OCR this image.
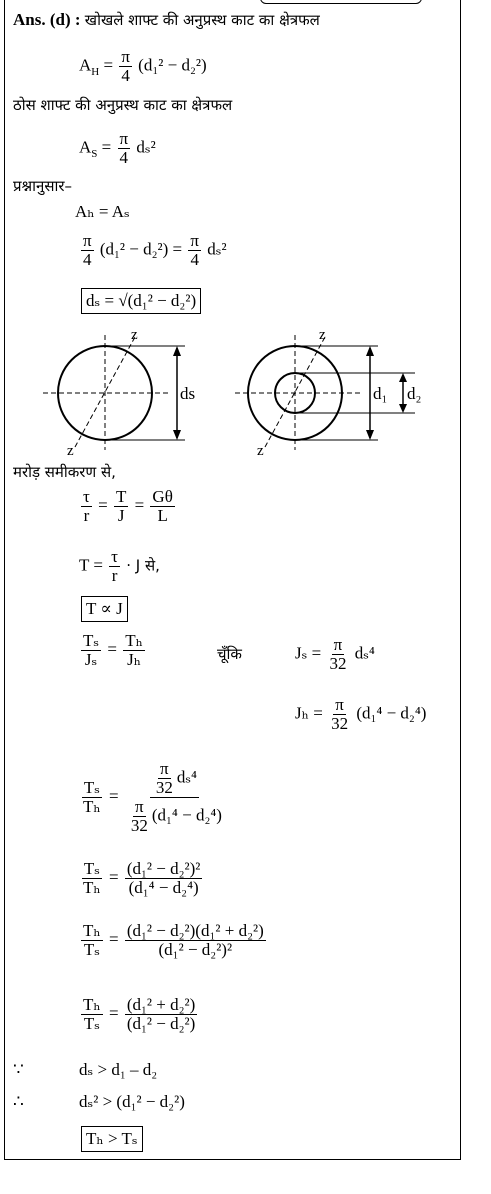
Ans. (d) : खोखले शाफ्ट की अनुप्रस्थ काट का क्षेत्रफल
$A_H = \frac{\pi}{4} (d_1^2 - d_2^2)$
ठोस शाफ्ट की अनुप्रस्थ काट का क्षेत्रफल
$A_S = \frac{\pi}{4} d_s^2$
प्रश्नानुसार–
Aₕ = Aₛ
$\frac{\pi}{4} (d_1^2 - d_2^2) = \frac{\pi}{4} d_s^2$
dₛ = √(d₁² − d₂²)
ds
z
z
d₁ d₂
z
z
मरोड़ समीकरण से,
$\frac{\tau}{r} = \frac{T}{J} = \frac{G\theta}{L}$
$T = \frac{\tau}{r} \cdot J$ से,
T ∝ J
$\frac{\text{Tₛ}}{\text{Jₛ}} = \frac{\text{Tₕ}}{\text{Jₕ}}$	चूँकि	$J_s = \frac{\pi}{32} d_s^4$
$J_h = \frac{\pi}{32} (d_1^4 - d_2^4)$
$\frac{\text{Tₛ}}{\text{Tₕ}} = \frac{\frac{\pi}{32} d_s^4}{\frac{\pi}{32} (d_1^4 - d_2^4)}$
$\frac{\text{Tₛ}}{\text{Tₕ}} = \frac{\text{(d₁² − d₂²)²}}{\text{(d₁⁴ − d₂⁴)}}$
$\frac{\text{Tₕ}}{\text{Tₛ}} = \frac{\text{(d₁² − d₂²)(d₁² + d₂²)}}{\text{(d₁² − d₂²)²}}$
$\frac{\text{Tₕ}}{\text{Tₛ}} = \frac{\text{(d₁² + d₂²)}}{\text{(d₁² − d₂²)}}$
∵	dₛ > d₁ – d₂
∴	dₛ² > (d₁² − d₂²)
Tₕ > Tₛ
